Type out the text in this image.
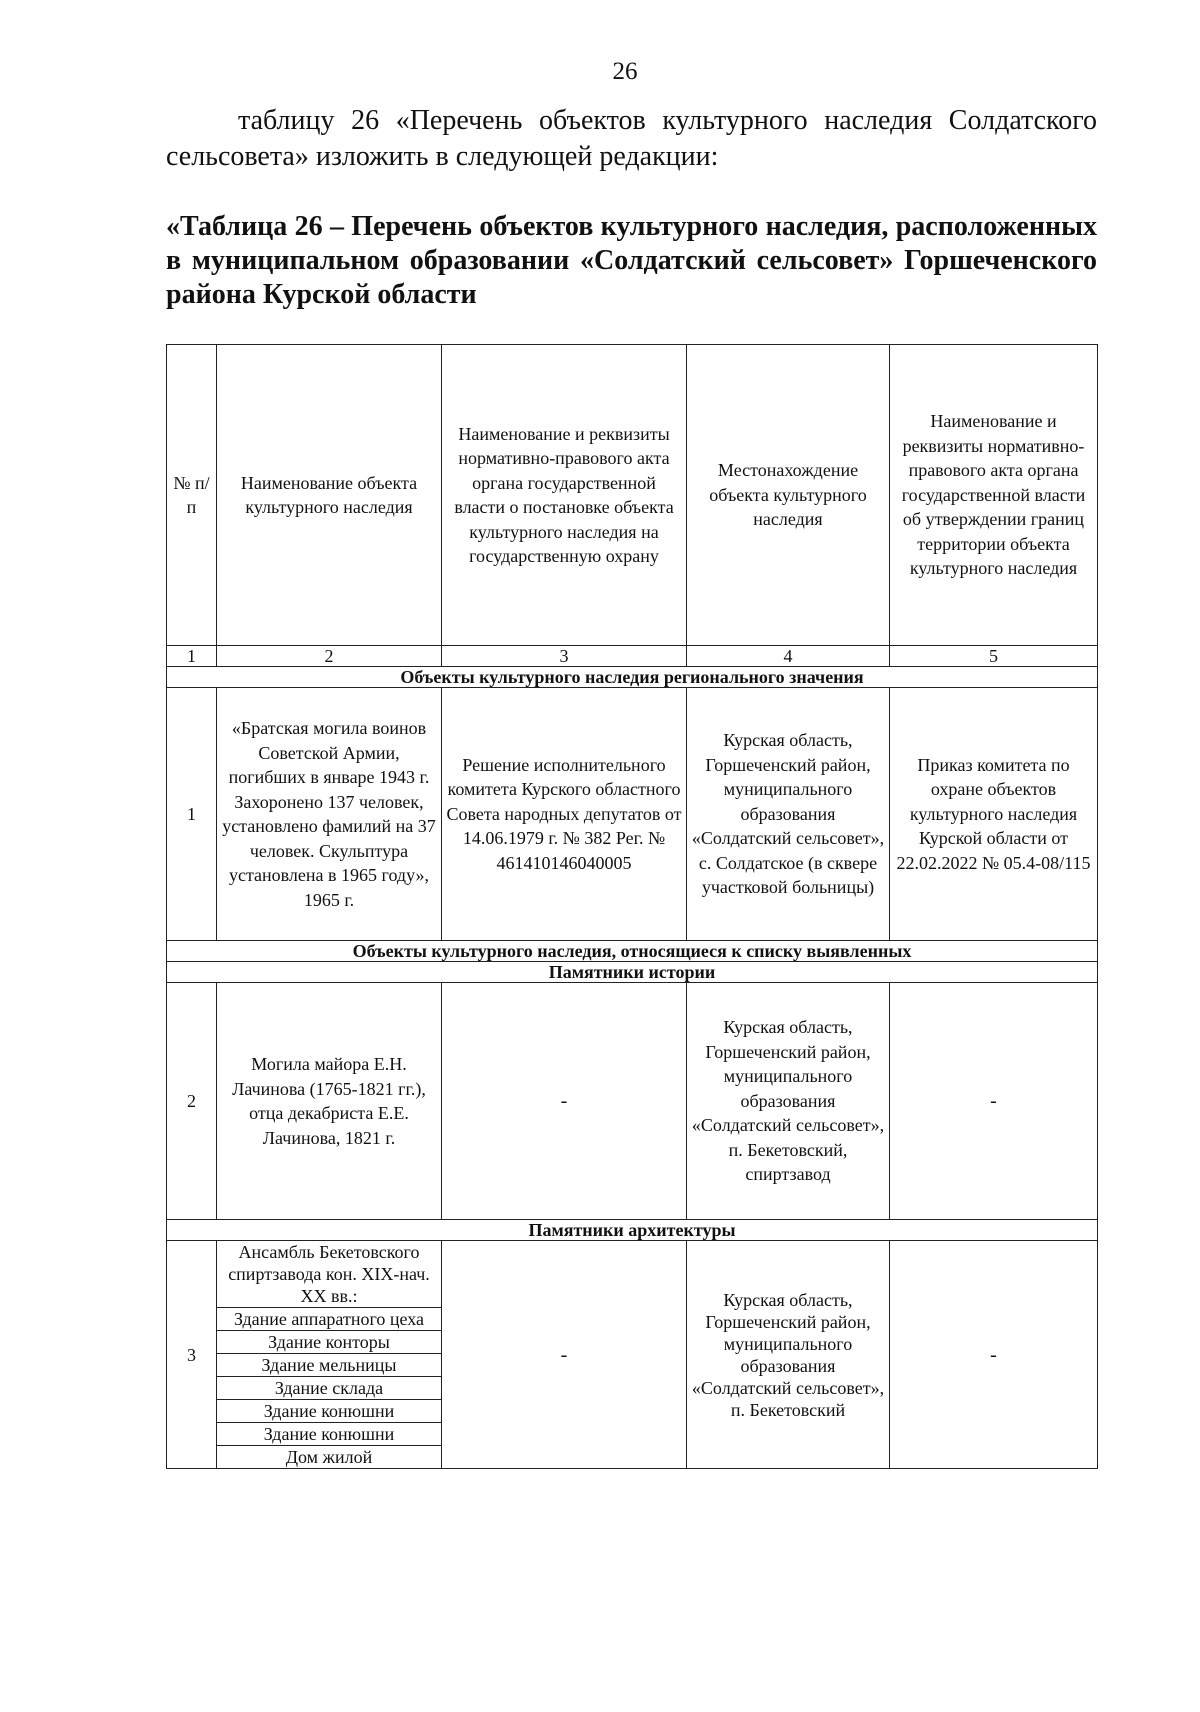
26
таблицу 26 «Перечень объектов культурного наследия Солдатского сельсовета» изложить в следующей редакции:
«Таблица 26 – Перечень объектов культурного наследия, расположенных в муниципальном образовании «Солдатский сельсовет» Горшеченского района Курской области
№ п/п	Наименование объекта культурного наследия	Наименование и реквизиты нормативно-правового акта органа государственной власти о постановке объекта культурного наследия на государственную охрану	Местонахождение объекта культурного наследия	Наименование и реквизиты нормативно-правового акта органа государственной власти об утверждении границ территории объекта культурного наследия
1	2	3	4	5
Объекты культурного наследия регионального значения				
1	«Братская могила воинов Советской Армии, погибших в январе 1943 г. Захоронено 137 человек, установлено фамилий на 37 человек. Скульптура установлена в 1965 году», 1965 г.	Решение исполнительного комитета Курского областного Совета народных депутатов от 14.06.1979 г. № 382 Рег. № 461410146040005	Курская область, Горшеченский район, муниципального образования «Солдатский сельсовет», с. Солдатское (в сквере участковой больницы)	Приказ комитета по охране объектов культурного наследия Курской области от 22.02.2022 № 05.4-08/115
Объекты культурного наследия, относящиеся к списку выявленных				
Памятники истории				
2	Могила майора Е.Н. Лачинова (1765-1821 гг.), отца декабриста Е.Е. Лачинова, 1821 г.	-	Курская область, Горшеченский район, муниципального образования «Солдатский сельсовет», п. Бекетовский, спиртзавод	-
Памятники архитектуры				
3	Ансамбль Бекетовского спиртзавода кон. XIX-нач. XX вв.:	-	Курская область, Горшеченский район, муниципального образования «Солдатский сельсовет», п. Бекетовский	-
	Здание аппаратного цеха			
	Здание конторы			
	Здание мельницы			
	Здание склада			
	Здание конюшни			
	Здание конюшни			
	Дом жилой			
